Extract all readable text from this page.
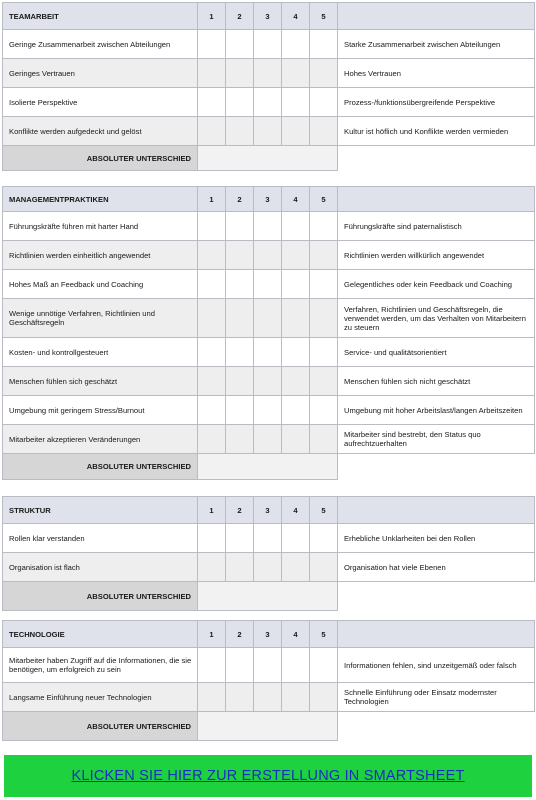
TEAMARBEIT	1	2	3	4	5	
Geringe Zusammenarbeit zwischen Abteilungen						Starke Zusammenarbeit zwischen Abteilungen
Geringes Vertrauen						Hohes Vertrauen
Isolierte Perspektive						Prozess-/funktionsübergreifende Perspektive
Konflikte werden aufgedeckt und gelöst						Kultur ist höflich und Konflikte werden vermieden
ABSOLUTER UNTERSCHIED						
MANAGEMENTPRAKTIKEN	1	2	3	4	5	
Führungskräfte führen mit harter Hand						Führungskräfte sind paternalistisch
Richtlinien werden einheitlich angewendet						Richtlinien werden willkürlich angewendet
Hohes Maß an Feedback und Coaching						Gelegentliches oder kein Feedback und Coaching
Wenige unnötige Verfahren, Richtlinien und Geschäftsregeln						Verfahren, Richtlinien und Geschäftsregeln, die verwendet werden, um das Verhalten von Mitarbeitern zu steuern
Kosten- und kontrollgesteuert						Service- und qualitätsorientiert
Menschen fühlen sich geschätzt						Menschen fühlen sich nicht geschätzt
Umgebung mit geringem Stress/Burnout						Umgebung mit hoher Arbeitslast/langen Arbeitszeiten
Mitarbeiter akzeptieren Veränderungen						Mitarbeiter sind bestrebt, den Status quo aufrechtzuerhalten
ABSOLUTER UNTERSCHIED						
STRUKTUR	1	2	3	4	5	
Rollen klar verstanden						Erhebliche Unklarheiten bei den Rollen
Organisation ist flach						Organisation hat viele Ebenen
ABSOLUTER UNTERSCHIED						
TECHNOLOGIE	1	2	3	4	5	
Mitarbeiter haben Zugriff auf die Informationen, die sie benötigen, um erfolgreich zu sein						Informationen fehlen, sind unzeitgemäß oder falsch
Langsame Einführung neuer Technologien						Schnelle Einführung oder Einsatz modernster Technologien
ABSOLUTER UNTERSCHIED						
KLICKEN SIE HIER ZUR ERSTELLUNG IN SMARTSHEET
